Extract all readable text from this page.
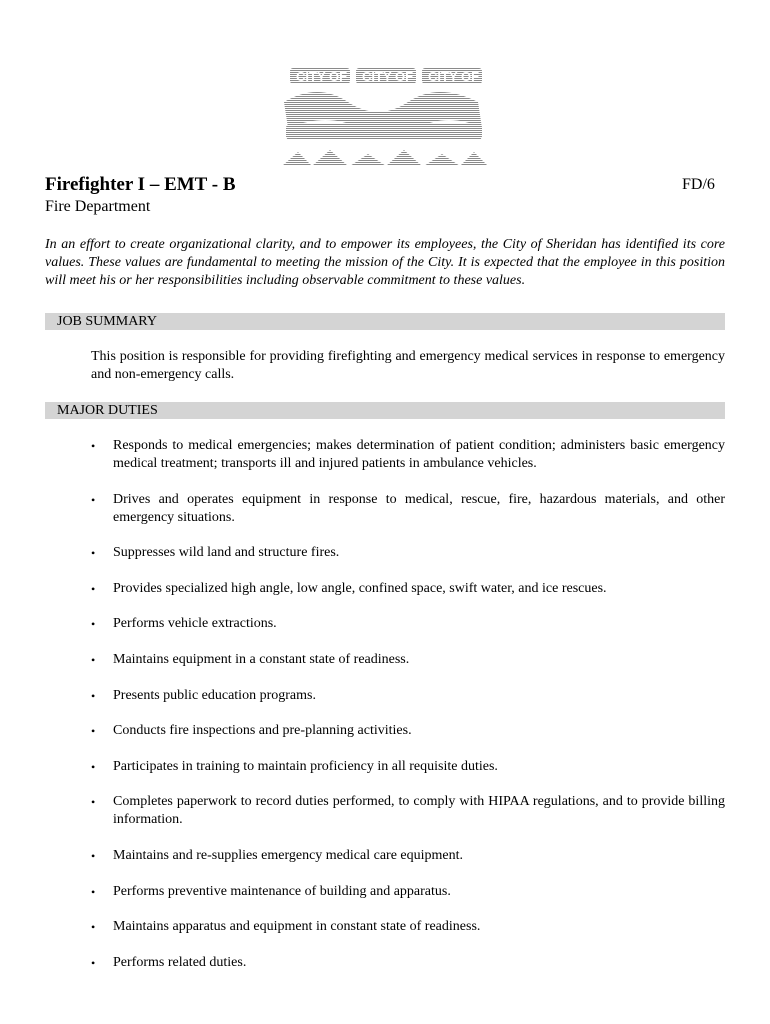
CITY OF CITY OF CITY OF
Firefighter I – EMT - B	FD/6
Fire Department

In an effort to create organizational clarity, and to empower its employees, the City of Sheridan has identified its core values. These values are fundamental to meeting the mission of the City. It is expected that the employee in this position will meet his or her responsibilities including observable commitment to these values.

JOB SUMMARY

This position is responsible for providing firefighting and emergency medical services in response to emergency and non-emergency calls.

MAJOR DUTIES
•	Responds to medical emergencies; makes determination of patient condition; administers basic emergency medical treatment; transports ill and injured patients in ambulance vehicles.
•	Drives and operates equipment in response to medical, rescue, fire, hazardous materials, and other emergency situations.
•	Suppresses wild land and structure fires.
•	Provides specialized high angle, low angle, confined space, swift water, and ice rescues.
•	Performs vehicle extractions.
•	Maintains equipment in a constant state of readiness.
•	Presents public education programs.
•	Conducts fire inspections and pre-planning activities.
•	Participates in training to maintain proficiency in all requisite duties.
•	Completes paperwork to record duties performed, to comply with HIPAA regulations, and to provide billing information.
•	Maintains and re-supplies emergency medical care equipment.
•	Performs preventive maintenance of building and apparatus.
•	Maintains apparatus and equipment in constant state of readiness.
•	Performs related duties.
